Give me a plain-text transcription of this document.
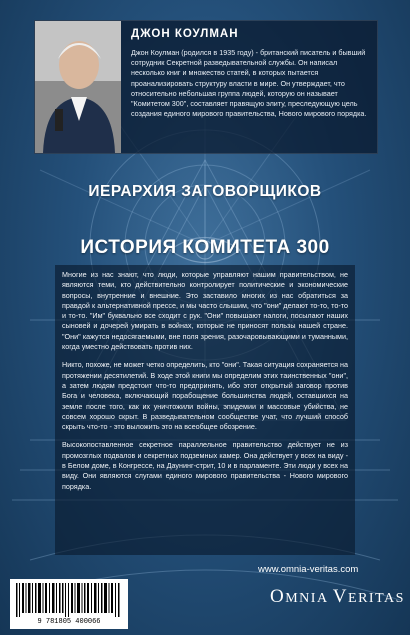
ДЖОН КОУЛМАН
Джон Коулман (родился в 1935 году) - британский писатель и бывший сотрудник Секретной разведывательной службы. Он написал несколько книг и множество статей, в которых пытается проанализировать структуру власти в мире. Он утверждает, что относительно небольшая группа людей, которую он называет "Комитетом 300", составляет правящую элиту, преследующую цель создания единого мирового правительства, Нового мирового порядка.
ИЕРАРХИЯ ЗАГОВОРЩИКОВ
ИСТОРИЯ КОМИТЕТА 300

Многие из нас знают, что люди, которые управляют нашим правительством, не являются теми, кто действительно контролирует политические и экономические вопросы, внутренние и внешние. Это заставило многих из нас обратиться за правдой к альтернативной прессе, и мы часто слышим, что "они" делают то-то, то-то и то-то. "Им" буквально все сходит с рук. "Они" повышают налоги, посылают наших сыновей и дочерей умирать в войнах, которые не приносят пользы нашей стране. "Они" кажутся недосягаемыми, вне поля зрения, разочаровывающими и туманными, когда уместно действовать против них.

Никто, похоже, не может четко определить, кто "они". Такая ситуация сохраняется на протяжении десятилетий. В ходе этой книги мы определим этих таинственных "они", а затем людям предстоит что-то предпринять, ибо этот открытый заговор против Бога и человека, включающий порабощение большинства людей, оставшихся на земле после того, как их уничтожили войны, эпидемии и массовые убийства, не совсем хорошо скрыт. В разведывательном сообществе учат, что лучший способ скрыть что-то - это выложить это на всеобщее обозрение.

Высокопоставленное секретное параллельное правительство действует не из промозглых подвалов и секретных подземных камер. Она действует у всех на виду - в Белом доме, в Конгрессе, на Даунинг-стрит, 10 и в парламенте. Эти люди у всех на виду. Они являются слугами единого мирового правительства - Нового мирового порядка.

www.omnia-veritas.com
9 781805 400066
OMNIA VERITAS
